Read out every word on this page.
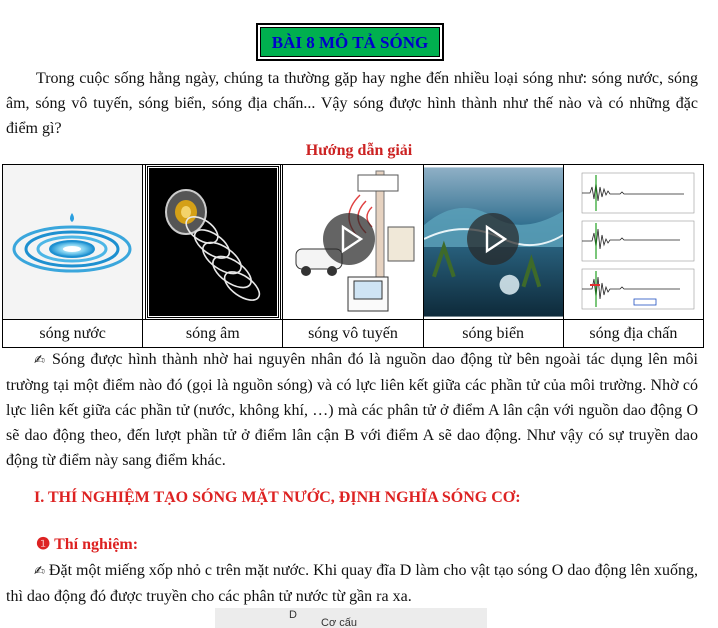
BÀI 8 MÔ TẢ SÓNG
Trong cuộc sống hằng ngày, chúng ta thường gặp hay nghe đến nhiều loại sóng như: sóng nước, sóng âm, sóng vô tuyến, sóng biển, sóng địa chấn... Vậy sóng được hình thành như thế nào và có những đặc điểm gì?
Hướng dẫn giải

sóng nước	sóng âm	sóng vô tuyến	sóng biển	sóng địa chấn
✍ Sóng được hình thành nhờ hai nguyên nhân đó là nguồn dao động từ bên ngoài tác dụng lên môi trường tại một điểm nào đó (gọi là nguồn sóng) và có lực liên kết giữa các phần tử của môi trường. Nhờ có lực liên kết giữa các phần tử (nước, không khí, …) mà các phân tử ở điểm A lân cận với nguồn dao động O sẽ dao động theo, đến lượt phần tử ở điểm lân cận B với điểm A sẽ dao động. Như vậy có sự truyền dao động từ điểm này sang điểm khác.
I. THÍ NGHIỆM TẠO SÓNG MẶT NƯỚC, ĐỊNH NGHĨA SÓNG CƠ:
❶ Thí nghiệm:
✍ Đặt một miếng xốp nhỏ c trên mặt nước. Khi quay đĩa D làm cho vật tạo sóng O dao động lên xuống, thì dao động đó được truyền cho các phân tử nước từ gần ra xa.
D
Cơ cấu
